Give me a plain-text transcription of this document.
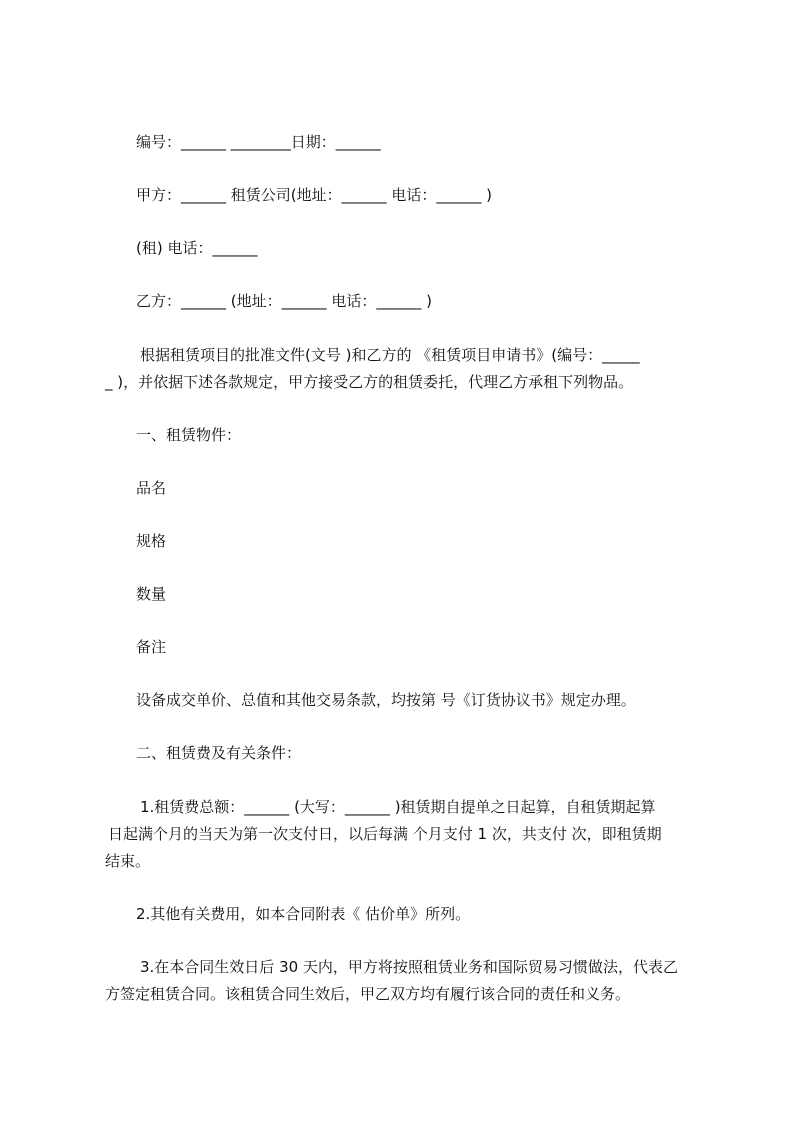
编号：______ ________日期：______
甲方：______ 租赁公司(地址：______ 电话：______ )
(租) 电话：______
乙方：______ (地址：______ 电话：______ )
根据租赁项目的批准文件(文号 )和乙方的 《租赁项目申请书》(编号：_____
_ )，并依据下述各款规定，甲方接受乙方的租赁委托，代理乙方承租下列物品。
一、租赁物件：
品名
规格
数量
备注
设备成交单价、总值和其他交易条款，均按第 号《订货协议书》规定办理。
二、租赁费及有关条件：
1.租赁费总额：______ (大写：______ )租赁期自提单之日起算，自租赁期起算
日起满个月的当天为第一次支付日，以后每满 个月支付 1 次，共支付 次，即租赁期
结束。
2.其他有关费用，如本合同附表《 估价单》所列。
3.在本合同生效日后 30 天内，甲方将按照租赁业务和国际贸易习惯做法，代表乙
方签定租赁合同。该租赁合同生效后，甲乙双方均有履行该合同的责任和义务。
